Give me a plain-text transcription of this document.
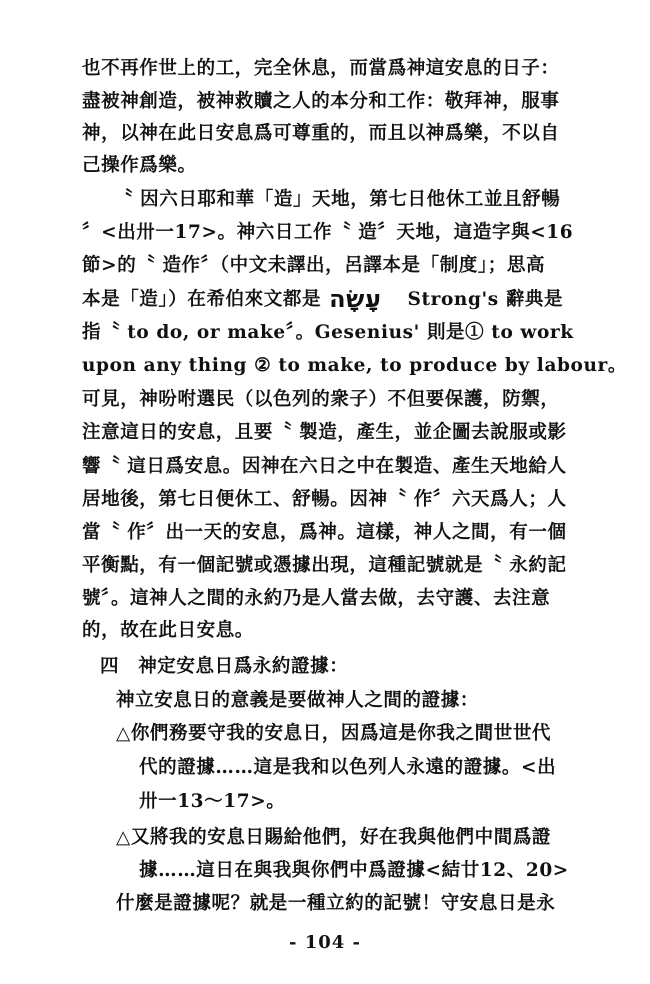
也不再作世上的工，完全休息，而當爲神這安息的日子：
盡被神創造，被神救贖之人的本分和工作：敬拜神，服事
神，以神在此日安息爲可尊重的，而且以神爲樂，不以自
己操作爲樂。
〝 因六日耶和華「造」天地，第七日他休工並且舒暢
〞<出卅一17>。神六日工作〝 造〞天地，這造字與<16
節>的〝 造作〞（中文未譯出，呂譯本是「制度」；思高
本是「造」）在希伯來文都是 עָשָׂה Strong's 辭典是
指〝 to do, or make〞。Gesenius' 則是① to work
upon any thing ② to make, to produce by labour。
可見，神吩咐選民（以色列的衆子）不但要保護，防禦，
注意這日的安息，且要〝 製造，產生，並企圖去說服或影
響〝 這日爲安息。因神在六日之中在製造、產生天地給人
居地後，第七日便休工、舒暢。因神〝 作〞六天爲人；人
當〝 作〞出一天的安息，爲神。這樣，神人之間，有一個
平衡點，有一個記號或憑據出現，這種記號就是〝 永約記
號〞。這神人之間的永約乃是人當去做，去守護、去注意
的，故在此日安息。
四　神定安息日爲永約證據：
神立安息日的意義是要做神人之間的證據：
△你們務要守我的安息日，因爲這是你我之間世世代
代的證據……這是我和以色列人永遠的證據。<出
卅一13～17>。
△又將我的安息日賜給他們，好在我與他們中間爲證
據……這日在與我與你們中爲證據<結廿12、20>
什麼是證據呢？就是一種立約的記號！守安息日是永
- 104 -
